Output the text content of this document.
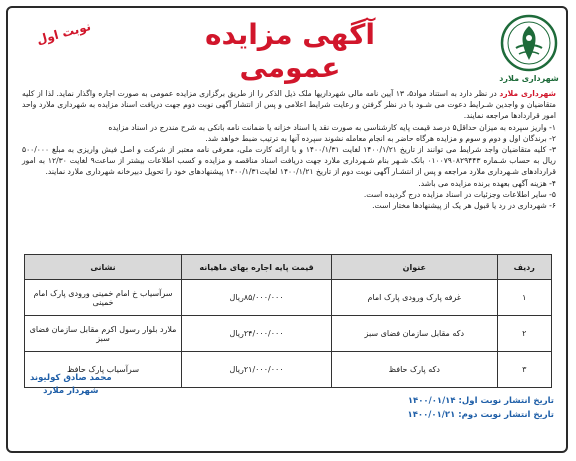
شهرداری ملارد
نوبت اول	آگهی مزایده عمومی

شهرداری ملارد در نظر دارد به استناد مواد۵، ۱۳ آیین نامه مالی شهرداریها ملک ذیل الذکر را از طریق برگزاری مزایده عمومی به صورت اجاره واگذار نماید. لذا از کلیه متقاضیان و واجدین شـرایط دعوت می شـود با در نظر گرفتن و رعایت شرایط اعلامی و پس از انتشار آگهی نوبت دوم جهت دریافت اسناد مزایده به شهرداری ملارد واحد امور قراردادها مراجعه نمایند.

۱- واریز سپرده به میزان حداقل۵ درصد قیمت پایه کارشناسی به صورت نقد یا اسناد خزانه یا ضمانت نامه بانکی به شرح مندرج در اسناد مزایده

۲- برندگان اول و دوم و سوم و مزایده هرگاه حاضر به انجام معامله نشوند سپرده آنها به ترتیب ضبط خواهد شد.

۳- کلیه متقاضیان واجد شرایط می توانند از تاریخ ۱۴۰۰/۱/۲۱ لغایت ۱۴۰۰/۱/۳۱ و با ارائه کارت ملی، معرفی نامه معتبر از شرکت و اصل فیش واریزی به مبلغ ۵۰۰/۰۰۰ ریال به حساب شـماره ۰۱۰۰۷۹۰۸۲۹۴۴۳ بانک شـهر بنام شـهرداری ملارد جهت دریافت اسناد مناقصه و مزایده و کسب اطلاعات بیشتر از ساعت۹ لغایت ۱۲/۳۰ به امور قراردادهای شـهرداری ملارد مراجعه و پس از انتشـار آگهی نوبت دوم از تاریخ ۱۴۰۰/۱/۲۱ لغایت۱۴۰۰/۱/۳۱ پیشنهادهای خود را تحویل دبیرخانه شهرداری ملارد نمایند.

۴- هزینه آگهی بعهده برنده مزایده می باشد.

۵- سایر اطلاعات وجزئیات در اسناد مزایده درج گردیده است.

۶- شهرداری در رد یا قبول هر یک از پیشنهادها مختار است.

ردیف	عنوان	قیمت پایه اجاره بهای ماهیانه	نشانی
۱	غرفه پارک ورودی پارک امام	۸۵/۰۰۰/۰۰۰ریال	سرآسیاب خ امام خمینی ورودی پارک امام خمینی
۲	دکه مقابل سازمان فضای سبز	۲۴/۰۰۰/۰۰۰ریال	ملارد بلوار رسول اکرم مقابل سازمان فضای سبز
۳	دکه پارک حافظ	۲۱/۰۰۰/۰۰۰ریال	سرآسیاب پارک حافظ
محمد صادق کولیوند
شهردار ملارد
تاریخ انتشار نوبت اول: ۱۴۰۰/۰۱/۱۴
تاریخ انتشار نوبت دوم: ۱۴۰۰/۰۱/۲۱
